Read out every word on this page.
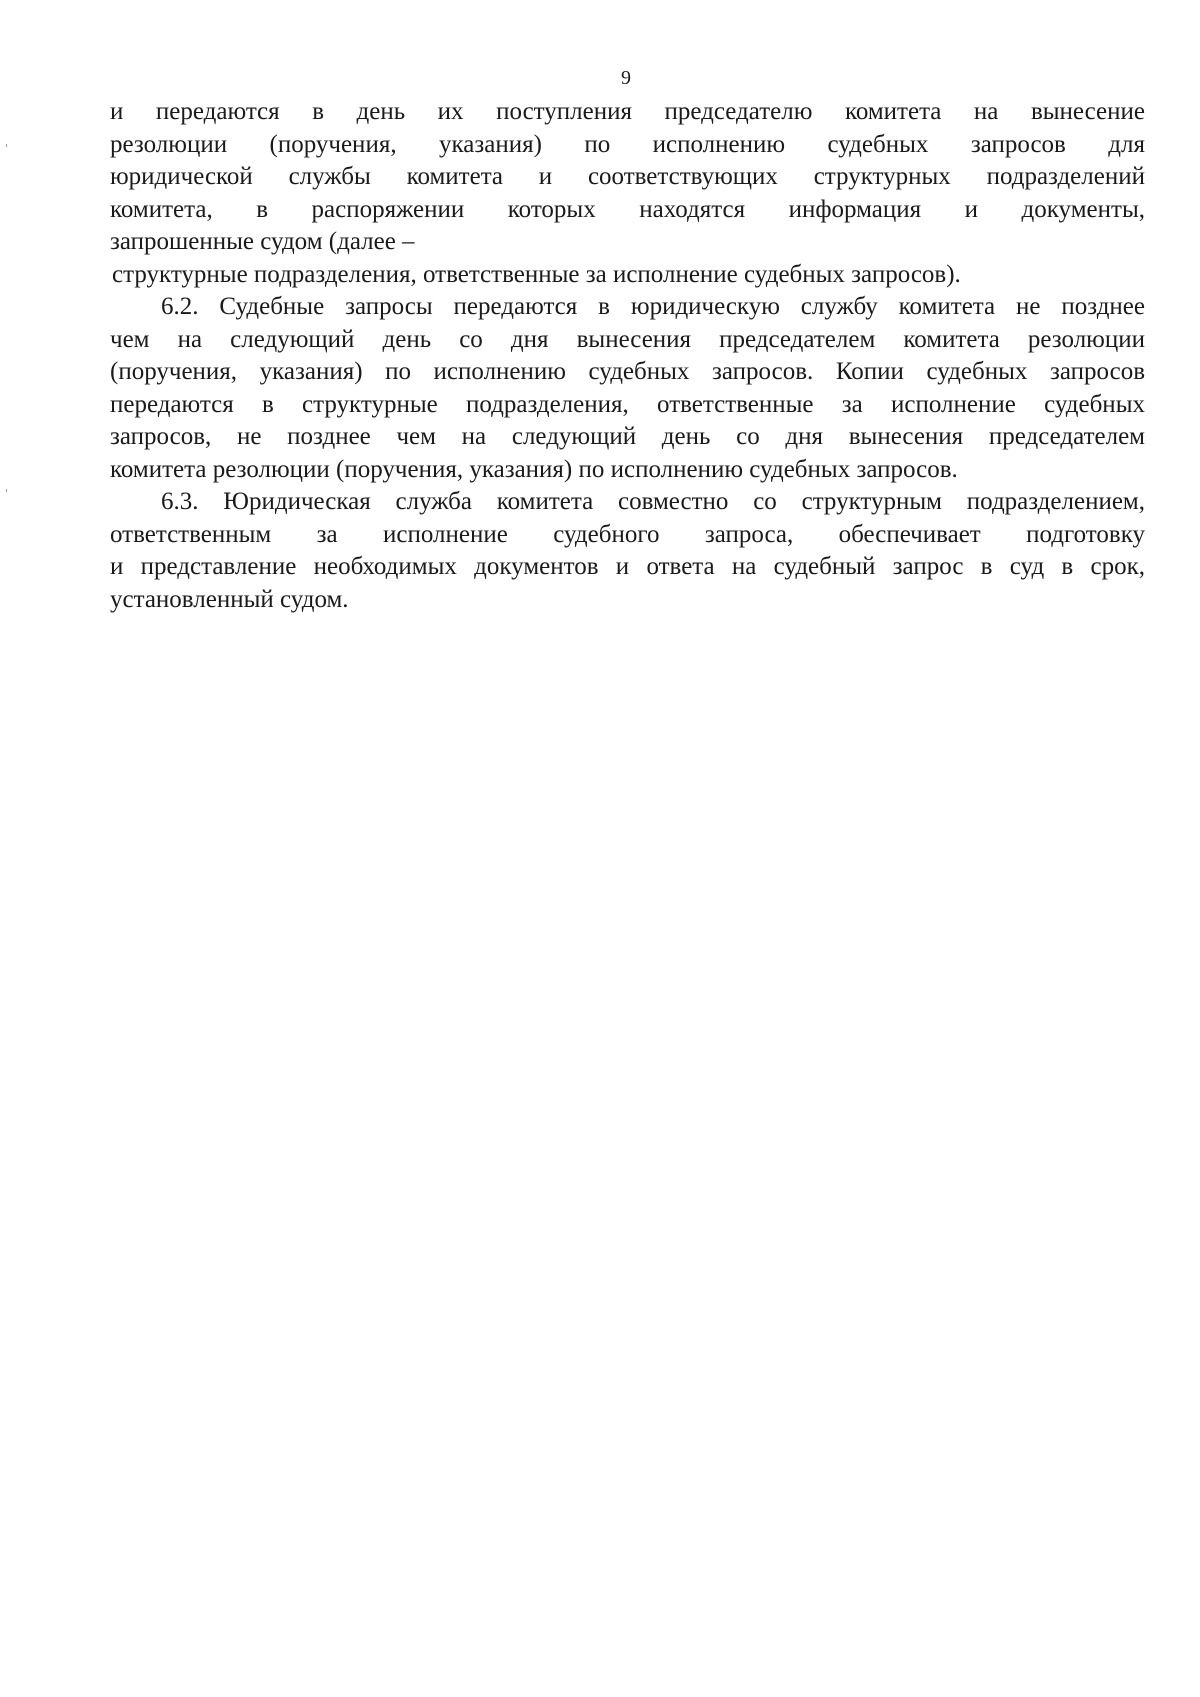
9

и передаются в день их поступления председателю комитета на вынесение
резолюции (поручения, указания) по исполнению судебных запросов для
юридической службы комитета и соответствующих структурных подразделений
комитета, в распоряжении которых находятся информация и документы,
запрошенные судом (далее –
структурные подразделения, ответственные за исполнение судебных запросов).

6.2. Судебные запросы передаются в юридическую службу комитета не позднее
чем на следующий день со дня вынесения председателем комитета резолюции
(поручения, указания) по исполнению судебных запросов. Копии судебных запросов
передаются в структурные подразделения, ответственные за исполнение судебных
запросов, не позднее чем на следующий день со дня вынесения председателем
комитета резолюции (поручения, указания) по исполнению судебных запросов.

6.3. Юридическая служба комитета совместно со структурным подразделением,
ответственным за исполнение судебного запроса, обеспечивает подготовку
и представление необходимых документов и ответа на судебный запрос в суд в срок,
установленный судом.
